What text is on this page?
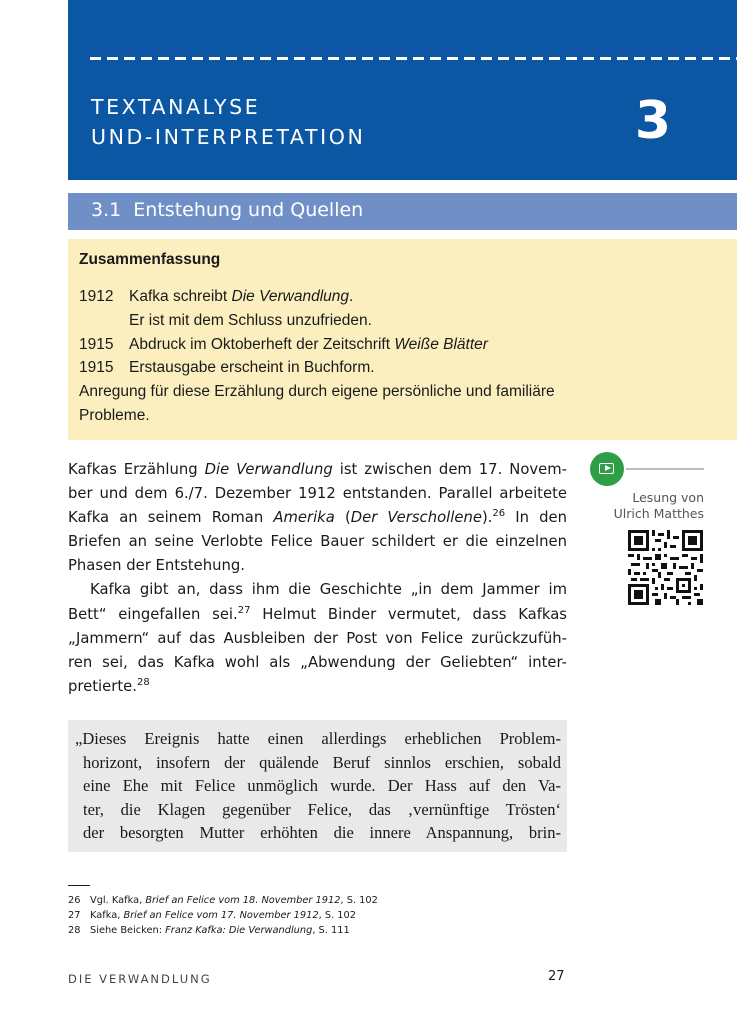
TEXTANALYSE
UND-INTERPRETATION	3
3.1  Entstehung und Quellen
Zusammenfassung
1912 Kafka schreibt Die Verwandlung.
Er ist mit dem Schluss unzufrieden.
1915 Abdruck im Oktoberheft der Zeitschrift Weiße Blätter
1915 Erstausgabe erscheint in Buchform.
Anregung für diese Erzählung durch eigene persönliche und familiäre
Probleme.

Kafkas Erzählung Die Verwandlung ist zwischen dem 17. Novem-
ber und dem 6./7. Dezember 1912 entstanden. Parallel arbeitete
Kafka an seinem Roman Amerika (Der Verschollene).$^{26}$ In den
Briefen an seine Verlobte Felice Bauer schildert er die einzelnen
Phasen der Entstehung.

Kafka gibt an, dass ihm die Geschichte „in dem Jammer im
Bett“ eingefallen sei.$^{27}$ Helmut Binder vermutet, dass Kafkas
„Jammern“ auf das Ausbleiben der Post von Felice zurückzufüh-
ren sei, das Kafka wohl als „Abwendung der Geliebten“ inter-
pretierte.$^{28}$

Lesung von
Ulrich Matthes
„Dieses Ereignis hatte einen allerdings erheblichen Problem-
horizont, insofern der quälende Beruf sinnlos erschien, sobald
eine Ehe mit Felice unmöglich wurde. Der Hass auf den Va-
ter, die Klagen gegenüber Felice, das ‚vernünftige Trösten‘
der besorgten Mutter erhöhten die innere Anspannung, brin-
26 Vgl. Kafka, Brief an Felice vom 18. November 1912, S. 102
27 Kafka, Brief an Felice vom 17. November 1912, S. 102
28 Siehe Beicken: Franz Kafka: Die Verwandlung, S. 111
DIE VERWANDLUNG	27
